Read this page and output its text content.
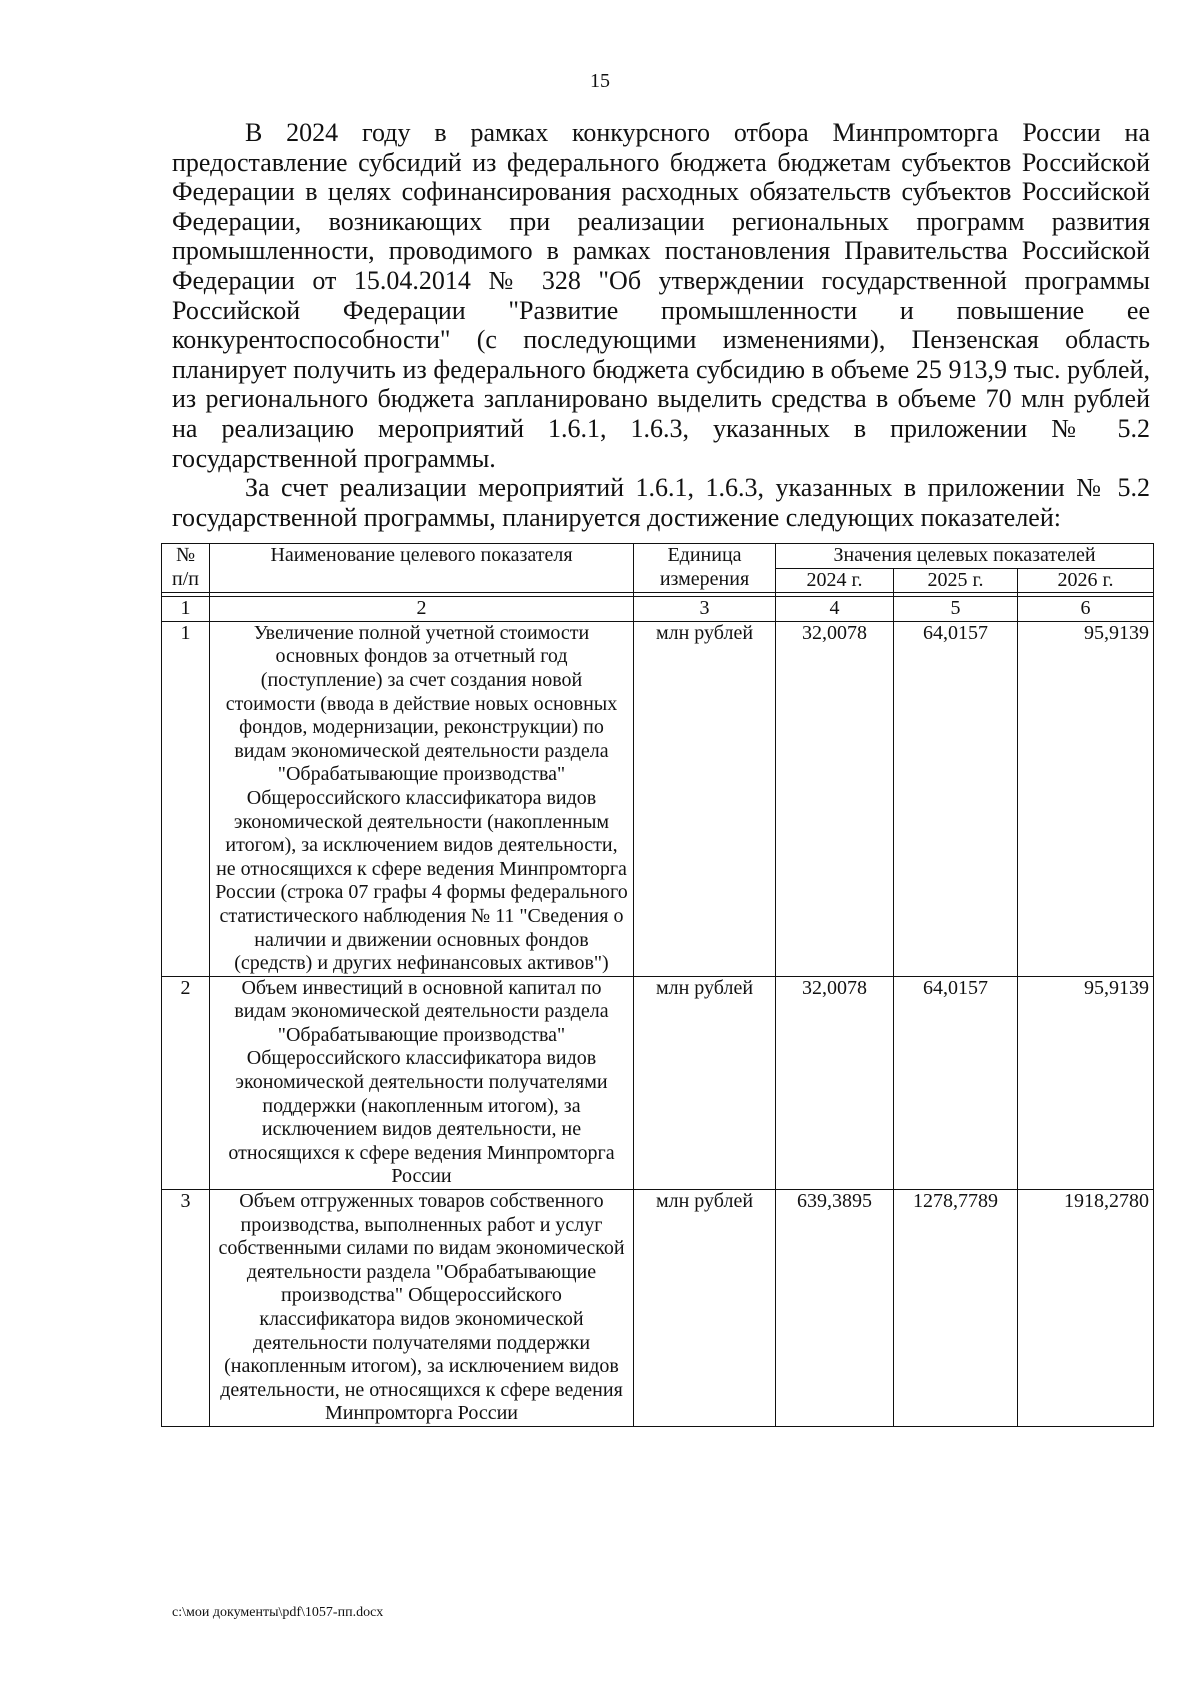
15

В 2024 году в рамках конкурсного отбора Минпромторга России на предоставление субсидий из федерального бюджета бюджетам субъектов Российской Федерации в целях софинансирования расходных обязательств субъектов Российской Федерации, возникающих при реализации региональных программ развития промышленности, проводимого в рамках постановления Правительства Российской Федерации от 15.04.2014 № 328 "Об утверждении государственной программы Российской Федерации "Развитие промышленности и повышение ее конкурентоспособности" (с последующими изменениями), Пензенская область планирует получить из федерального бюджета субсидию в объеме 25 913,9 тыс. рублей, из регионального бюджета запланировано выделить средства в объеме 70 млн рублей на реализацию мероприятий 1.6.1, 1.6.3, указанных в приложении № 5.2 государственной программы.

За счет реализации мероприятий 1.6.1, 1.6.3, указанных в приложении № 5.2 государственной программы, планируется достижение следующих показателей:

№ п/п	Наименование целевого показателя	Единица измерения	Значения целевых показателей		
			2024 г.	2025 г.	2026 г.

1	2	3	4	5	6
1	Увеличение полной учетной стоимости основных фондов за отчетный год (поступление) за счет создания новой стоимости (ввода в действие новых основных фондов, модернизации, реконструкции) по видам экономической деятельности раздела "Обрабатывающие производства" Общероссийского классификатора видов экономической деятельности (накопленным итогом), за исключением видов деятельности, не относящихся к сфере ведения Минпромторга России (строка 07 графы 4 формы федерального статистического наблюдения № 11 "Сведения о наличии и движении основных фондов (средств) и других нефинансовых активов")	млн рублей	32,0078	64,0157	95,9139
2	Объем инвестиций в основной капитал по видам экономической деятельности раздела "Обрабатывающие производства" Общероссийского классификатора видов экономической деятельности получателями поддержки (накопленным итогом), за исключением видов деятельности, не относящихся к сфере ведения Минпромторга России	млн рублей	32,0078	64,0157	95,9139
3	Объем отгруженных товаров собственного производства, выполненных работ и услуг собственными силами по видам экономической деятельности раздела "Обрабатывающие производства" Общероссийского классификатора видов экономической деятельности получателями поддержки (накопленным итогом), за исключением видов деятельности, не относящихся к сфере ведения Минпромторга России	млн рублей	639,3895	1278,7789	1918,2780
c:\мои документы\pdf\1057-пп.docx
